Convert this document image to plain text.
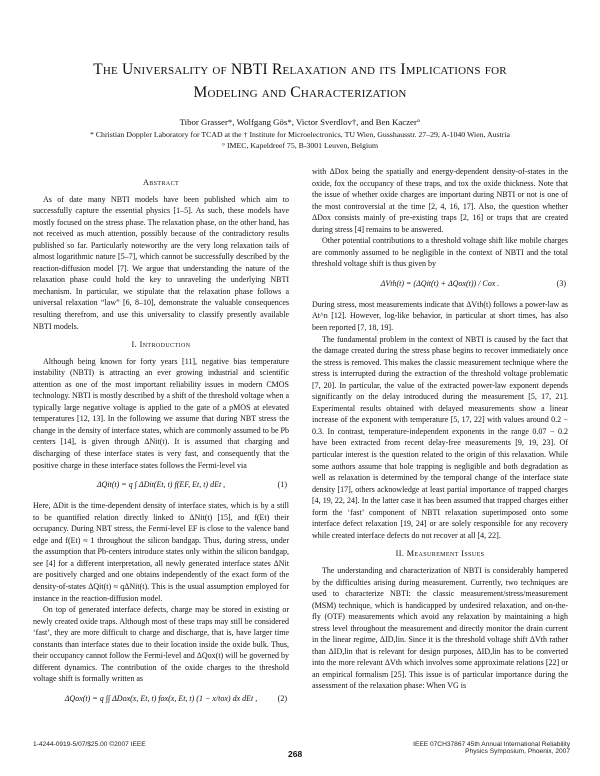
The Universality of NBTI Relaxation and its Implications for
Modeling and Characterization
Tibor Grasser*, Wolfgang Gös*, Victor Sverdlov†, and Ben Kaczer°
* Christian Doppler Laboratory for TCAD at the † Institute for Microelectronics, TU Wien, Gusshausstr. 27–29, A-1040 Wien, Austria
° IMEC, Kapeldreef 75, B-3001 Leuven, Belgium
Abstract

As of date many NBTI models have been published which aim to successfully capture the essential physics [1–5]. As such, these models have mostly focused on the stress phase. The relaxation phase, on the other hand, has not received as much attention, possibly because of the contradictory results published so far. Particularly noteworthy are the very long relaxation tails of almost logarithmic nature [5–7], which cannot be successfully described by the reaction-diffusion model [7]. We argue that understanding the nature of the relaxation phase could hold the key to unraveling the underlying NBTI mechanism. In particular, we stipulate that the relaxation phase follows a universal relaxation “law” [6, 8–10], demonstrate the valuable consequences resulting therefrom, and use this universality to classify presently available NBTI models.

I. Introduction

Although being known for forty years [11], negative bias temperature instability (NBTI) is attracting an ever growing industrial and scientific attention as one of the most important reliability issues in modern CMOS technology. NBTI is mostly described by a shift of the threshold voltage when a typically large negative voltage is applied to the gate of a pMOS at elevated temperatures [12, 13]. In the following we assume that during NBT stress the change in the density of interface states, which are commonly assumed to be Pb centers [14], is given through ΔNit(t). It is assumed that charging and discharging of these interface states is very fast, and consequently that the positive charge in these interface states follows the Fermi-level via

ΔQit(t) = q ∫ ΔDit(Et, t) f(EF, Et, t) dEt ,	(1)

Here, ΔDit is the time-dependent density of interface states, which is by a still to be quantified relation directly linked to ΔNit(t) [15], and f(Et) their occupancy. During NBT stress, the Fermi-level EF is close to the valence band edge and f(Et) ≈ 1 throughout the silicon bandgap. Thus, during stress, under the assumption that Pb-centers introduce states only within the silicon bandgap, see [4] for a different interpretation, all newly generated interface states ΔNit are positively charged and one obtains independently of the exact form of the density-of-states ΔQit(t) ≈ qΔNit(t). This is the usual assumption employed for instance in the reaction-diffusion model.

On top of generated interface defects, charge may be stored in existing or newly created oxide traps. Although most of these traps may still be considered ‘fast’, they are more difficult to charge and discharge, that is, have larger time constants than interface states due to their location inside the oxide bulk. Thus, their occupancy cannot follow the Fermi-level and ΔQox(t) will be governed by different dynamics. The contribution of the oxide charges to the threshold voltage shift is formally written as

ΔQox(t) = q ∫∫ ΔDox(x, Et, t) fox(x, Et, t) (1 − x/tox) dx dEt ,	(2)

with ΔDox being the spatially and energy-dependent density-of-states in the oxide, fox the occupancy of these traps, and tox the oxide thickness. Note that the issue of whether oxide charges are important during NBTI or not is one of the most controversial at the time [2, 4, 16, 17]. Also, the question whether ΔDox consists mainly of pre-existing traps [2, 16] or traps that are created during stress [4] remains to be answered.

Other potential contributions to a threshold voltage shift like mobile charges are commonly assumed to be negligible in the context of NBTI and the total threshold voltage shift is thus given by

ΔVth(t) = (ΔQit(t) + ΔQox(t)) / Cox .	(3)

During stress, most measurements indicate that ΔVth(t) follows a power-law as At^n [12]. However, log-like behavior, in particular at short times, has also been reported [7, 18, 19].

The fundamental problem in the context of NBTI is caused by the fact that the damage created during the stress phase begins to recover immediately once the stress is removed. This makes the classic measurement technique where the stress is interrupted during the extraction of the threshold voltage problematic [7, 20]. In particular, the value of the extracted power-law exponent depends significantly on the delay introduced during the measurement [5, 17, 21]. Experimental results obtained with delayed measurements show a linear increase of the exponent with temperature [5, 17, 22] with values around 0.2 − 0.3. In contrast, temperature-independent exponents in the range 0.07 − 0.2 have been extracted from recent delay-free measurements [9, 19, 23]. Of particular interest is the question related to the origin of this relaxation. While some authors assume that hole trapping is negligible and both degradation as well as relaxation is determined by the temporal change of the interface state density [17], others acknowledge at least partial importance of trapped charges [4, 19, 22, 24]. In the latter case it has been assumed that trapped charges either form the ‘fast’ component of NBTI relaxation superimposed onto some interface defect relaxation [19, 24] or are solely responsible for any recovery while created interface defects do not recover at all [4, 22].

II. Measurement Issues

The understanding and characterization of NBTI is considerably hampered by the difficulties arising during measurement. Currently, two techniques are used to characterize NBTI: the classic measurement/stress/measurement (MSM) technique, which is handicapped by undesired relaxation, and on-the-fly (OTF) measurements which avoid any relaxation by maintaining a high stress level throughout the measurement and directly monitor the drain current in the linear regime, ΔID,lin. Since it is the threshold voltage shift ΔVth rather than ΔID,lin that is relevant for design purposes, ΔID,lin has to be converted into the more relevant ΔVth which involves some approximate relations [22] or an empirical formalism [25]. This issue is of particular importance during the assessment of the relaxation phase: When VG is

1-4244-0919-5/07/$25.00 ©2007 IEEE
268
IEEE 07CH37867 45th Annual International Reliability
Physics Symposium, Phoenix, 2007
